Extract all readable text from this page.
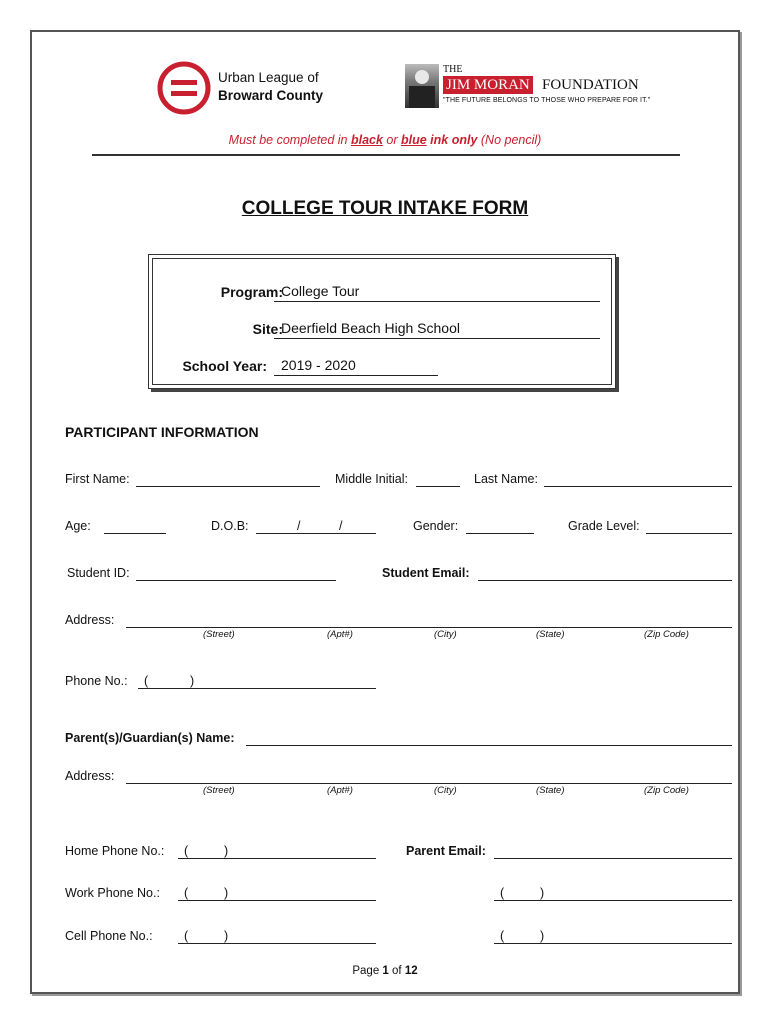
Urban League of
Broward County
THE
JIM MORAN FOUNDATION
"THE FUTURE BELONGS TO THOSE WHO PREPARE FOR IT."
Must be completed in black or blue ink only (No pencil)
COLLEGE TOUR INTAKE FORM
Program:
College Tour
Site:
Deerfield Beach High School
School Year: 2019 - 2020
PARTICIPANT INFORMATION
First Name:	Middle Initial:	Last Name:
Age:	D.O.B:	/	/	Gender:	Grade Level:
Student ID:	Student Email:
Address:
(Street)	(Apt#)	(City)	(State)	(Zip Code)
Phone No.: (	)
Parent(s)/Guardian(s) Name:
Address:
(Street)	(Apt#)	(City)	(State)	(Zip Code)
Home Phone No.: (	)	Parent Email:
Work Phone No.: (	)	(	)
Cell Phone No.:	(	)	(	)
Page 1 of 12
